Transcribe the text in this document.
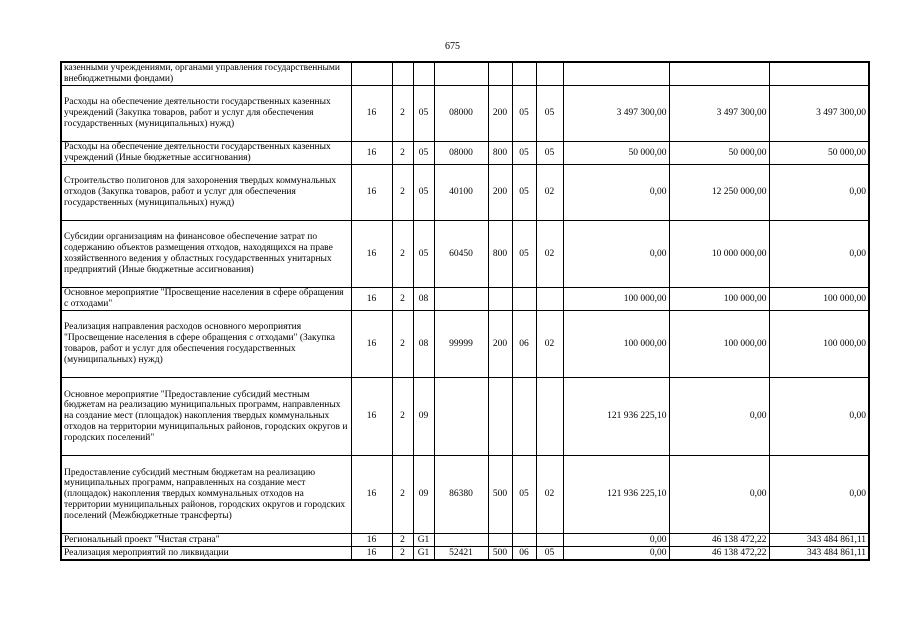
675
казенными учреждениями, органами управления государственными внебюджетными фондами)										
Расходы на обеспечение деятельности государственных казенных учреждений (Закупка товаров, работ и услуг для обеспечения государственных (муниципальных) нужд)	16	2	05	08000	200	05	05	3 497 300,00	3 497 300,00	3 497 300,00
Расходы на обеспечение деятельности государственных казенных учреждений (Иные бюджетные ассигнования)	16	2	05	08000	800	05	05	50 000,00	50 000,00	50 000,00
Строительство полигонов для захоронения твердых коммунальных отходов (Закупка товаров, работ и услуг для обеспечения государственных (муниципальных) нужд)	16	2	05	40100	200	05	02	0,00	12 250 000,00	0,00
Субсидии организациям на финансовое обеспечение затрат по содержанию объектов размещения отходов, находящихся на праве хозяйственного ведения у областных государственных унитарных предприятий (Иные бюджетные ассигнования)	16	2	05	60450	800	05	02	0,00	10 000 000,00	0,00
Основное мероприятие "Просвещение населения в сфере обращения с отходами"	16	2	08					100 000,00	100 000,00	100 000,00
Реализация направления расходов основного мероприятия "Просвещение населения в сфере обращения с отходами" (Закупка товаров, работ и услуг для обеспечения государственных (муниципальных) нужд)	16	2	08	99999	200	06	02	100 000,00	100 000,00	100 000,00
Основное мероприятие "Предоставление субсидий местным бюджетам на реализацию муниципальных программ, направленных на создание мест (площадок) накопления твердых коммунальных отходов на территории муниципальных районов, городских округов и городских поселений"	16	2	09					121 936 225,10	0,00	0,00
Предоставление субсидий местным бюджетам на реализацию муниципальных программ, направленных на создание мест (площадок) накопления твердых коммунальных отходов на территории муниципальных районов, городских округов и городских поселений (Межбюджетные трансферты)	16	2	09	86380	500	05	02	121 936 225,10	0,00	0,00
Региональный проект "Чистая страна"	16	2	G1					0,00	46 138 472,22	343 484 861,11
Реализация мероприятий по ликвидации	16	2	G1	52421	500	06	05	0,00	46 138 472,22	343 484 861,11
